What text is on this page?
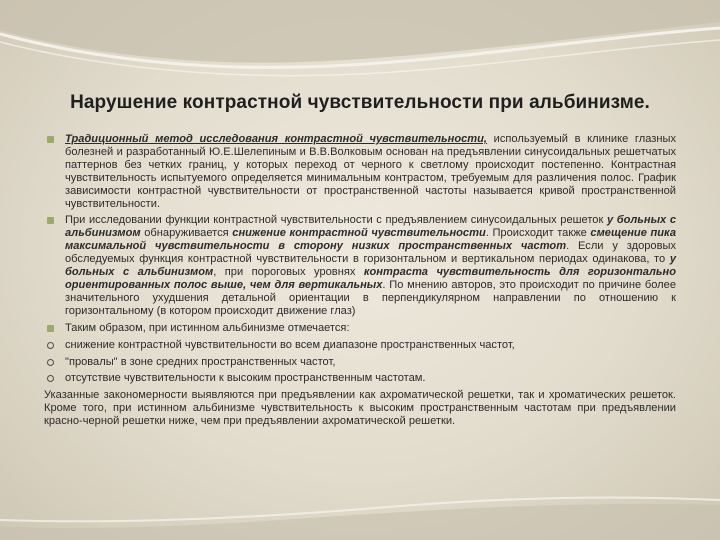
Нарушение контрастной чувствительности при альбинизме.
Традиционный метод исследования контрастной чувствительности, используемый в клинике глазных болезней и разработанный Ю.Е.Шелепиным и В.В.Волковым основан на предъявлении синусоидальных решетчатых паттернов без четких границ, у которых переход от черного к светлому происходит постепенно. Контрастная чувствительность испытуемого определяется минимальным контрастом, требуемым для различения полос. График зависимости контрастной чувствительности от пространственной частоты называется кривой пространственной чувствительности.
При исследовании функции контрастной чувствительности с предъявлением синусоидальных решеток у больных с альбинизмом обнаруживается снижение контрастной чувствительности. Происходит также смещение пика максимальной чувствительности в сторону низких пространственных частот. Если у здоровых обследуемых функция контрастной чувствительности в горизонтальном и вертикальном периодах одинакова, то у больных с альбинизмом, при пороговых уровнях контраста чувствительность для горизонтально ориентированных полос выше, чем для вертикальных. По мнению авторов, это происходит по причине более значительного ухудшения детальной ориентации в перпендикулярном направлении по отношению к горизонтальному (в котором происходит движение глаз)
Таким образом, при истинном альбинизме отмечается:
снижение контрастной чувствительности во всем диапазоне пространственных частот,
"провалы" в зоне средних пространственных частот,
отсутствие чувствительности к высоким пространственным частотам.
Указанные закономерности выявляются при предъявлении как ахроматической решетки, так и хроматических решеток. Кроме того, при истинном альбинизме чувствительность к высоким пространственным частотам при предъявлении красно-черной решетки ниже, чем при предъявлении ахроматической решетки.
